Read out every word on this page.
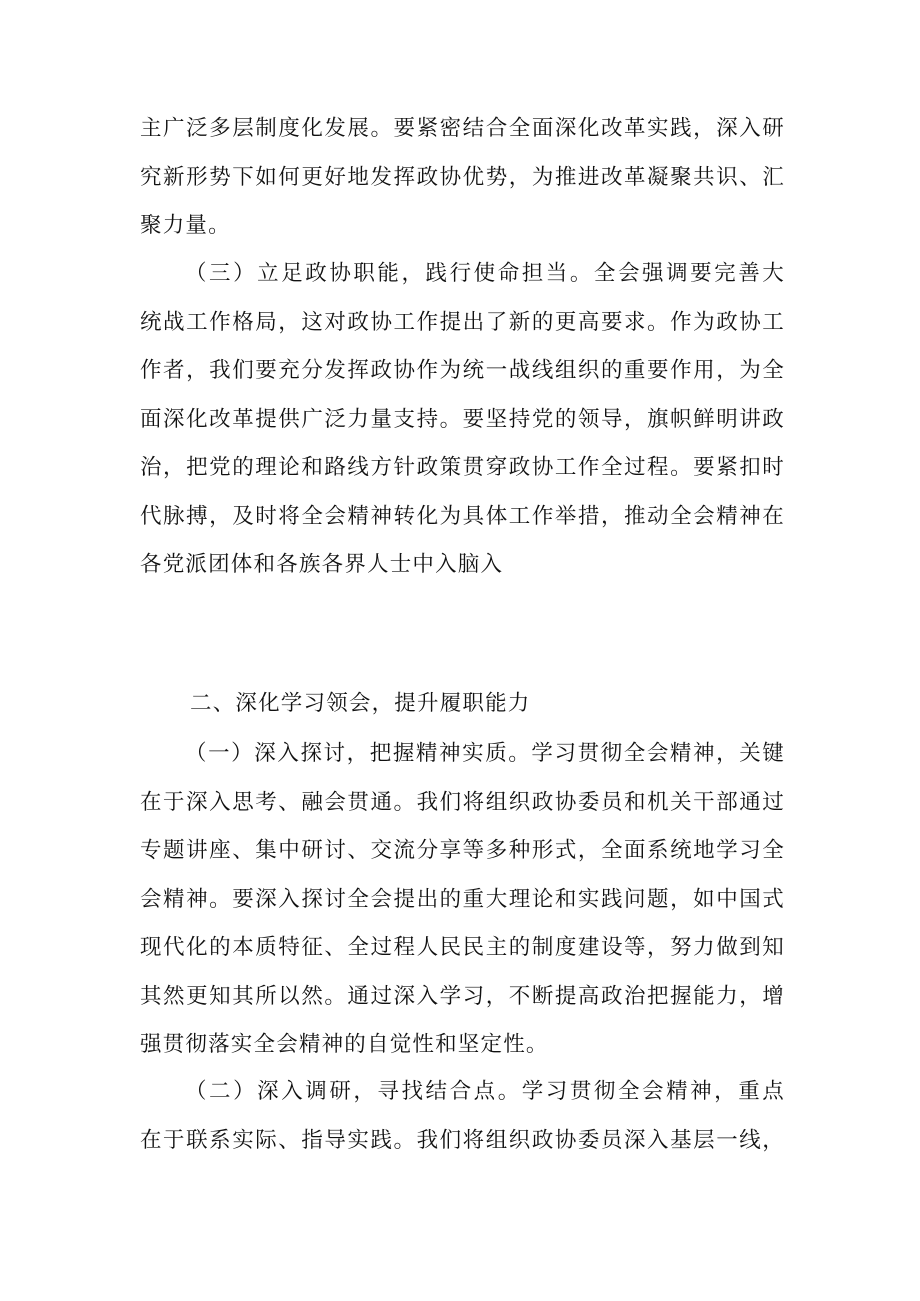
主广泛多层制度化发展。要紧密结合全面深化改革实践，深入研
究新形势下如何更好地发挥政协优势，为推进改革凝聚共识、汇
聚力量。
（三）立足政协职能，践行使命担当。全会强调要完善大
统战工作格局，这对政协工作提出了新的更高要求。作为政协工
作者，我们要充分发挥政协作为统一战线组织的重要作用，为全
面深化改革提供广泛力量支持。要坚持党的领导，旗帜鲜明讲政
治，把党的理论和路线方针政策贯穿政协工作全过程。要紧扣时
代脉搏，及时将全会精神转化为具体工作举措，推动全会精神在
各党派团体和各族各界人士中入脑入
二、深化学习领会，提升履职能力
（一）深入探讨，把握精神实质。学习贯彻全会精神，关键
在于深入思考、融会贯通。我们将组织政协委员和机关干部通过
专题讲座、集中研讨、交流分享等多种形式，全面系统地学习全
会精神。要深入探讨全会提出的重大理论和实践问题，如中国式
现代化的本质特征、全过程人民民主的制度建设等，努力做到知
其然更知其所以然。通过深入学习，不断提高政治把握能力，增
强贯彻落实全会精神的自觉性和坚定性。
（二）深入调研，寻找结合点。学习贯彻全会精神，重点
在于联系实际、指导实践。我们将组织政协委员深入基层一线，
